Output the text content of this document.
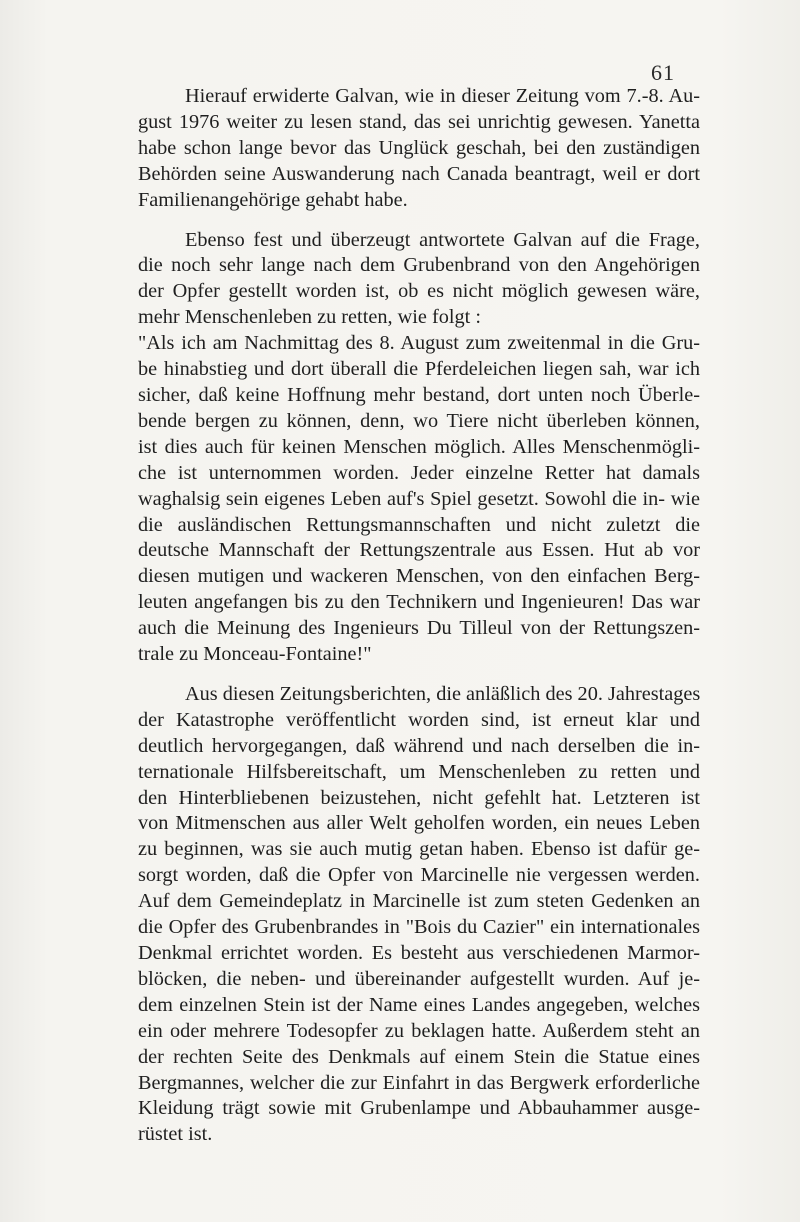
61
Hierauf erwiderte Galvan, wie in dieser Zeitung vom 7.-8. Au-
gust 1976 weiter zu lesen stand, das sei unrichtig gewesen. Yanetta
habe schon lange bevor das Unglück geschah, bei den zuständigen
Behörden seine Auswanderung nach Canada beantragt, weil er dort
Familienangehörige gehabt habe.
Ebenso fest und überzeugt antwortete Galvan auf die Frage,
die noch sehr lange nach dem Grubenbrand von den Angehörigen
der Opfer gestellt worden ist, ob es nicht möglich gewesen wäre,
mehr Menschenleben zu retten, wie folgt :
"Als ich am Nachmittag des 8. August zum zweitenmal in die Gru-
be hinabstieg und dort überall die Pferdeleichen liegen sah, war ich
sicher, daß keine Hoffnung mehr bestand, dort unten noch Überle-
bende bergen zu können, denn, wo Tiere nicht überleben können,
ist dies auch für keinen Menschen möglich. Alles Menschenmögli-
che ist unternommen worden. Jeder einzelne Retter hat damals
waghalsig sein eigenes Leben auf's Spiel gesetzt. Sowohl die in- wie
die ausländischen Rettungsmannschaften und nicht zuletzt die
deutsche Mannschaft der Rettungszentrale aus Essen. Hut ab vor
diesen mutigen und wackeren Menschen, von den einfachen Berg-
leuten angefangen bis zu den Technikern und Ingenieuren! Das war
auch die Meinung des Ingenieurs Du Tilleul von der Rettungszen-
trale zu Monceau-Fontaine!"
Aus diesen Zeitungsberichten, die anläßlich des 20. Jahrestages
der Katastrophe veröffentlicht worden sind, ist erneut klar und
deutlich hervorgegangen, daß während und nach derselben die in-
ternationale Hilfsbereitschaft, um Menschenleben zu retten und
den Hinterbliebenen beizustehen, nicht gefehlt hat. Letzteren ist
von Mitmenschen aus aller Welt geholfen worden, ein neues Leben
zu beginnen, was sie auch mutig getan haben. Ebenso ist dafür ge-
sorgt worden, daß die Opfer von Marcinelle nie vergessen werden.
Auf dem Gemeindeplatz in Marcinelle ist zum steten Gedenken an
die Opfer des Grubenbrandes in "Bois du Cazier" ein internationales
Denkmal errichtet worden. Es besteht aus verschiedenen Marmor-
blöcken, die neben- und übereinander aufgestellt wurden. Auf je-
dem einzelnen Stein ist der Name eines Landes angegeben, welches
ein oder mehrere Todesopfer zu beklagen hatte. Außerdem steht an
der rechten Seite des Denkmals auf einem Stein die Statue eines
Bergmannes, welcher die zur Einfahrt in das Bergwerk erforderliche
Kleidung trägt sowie mit Grubenlampe und Abbauhammer ausge-
rüstet ist.
